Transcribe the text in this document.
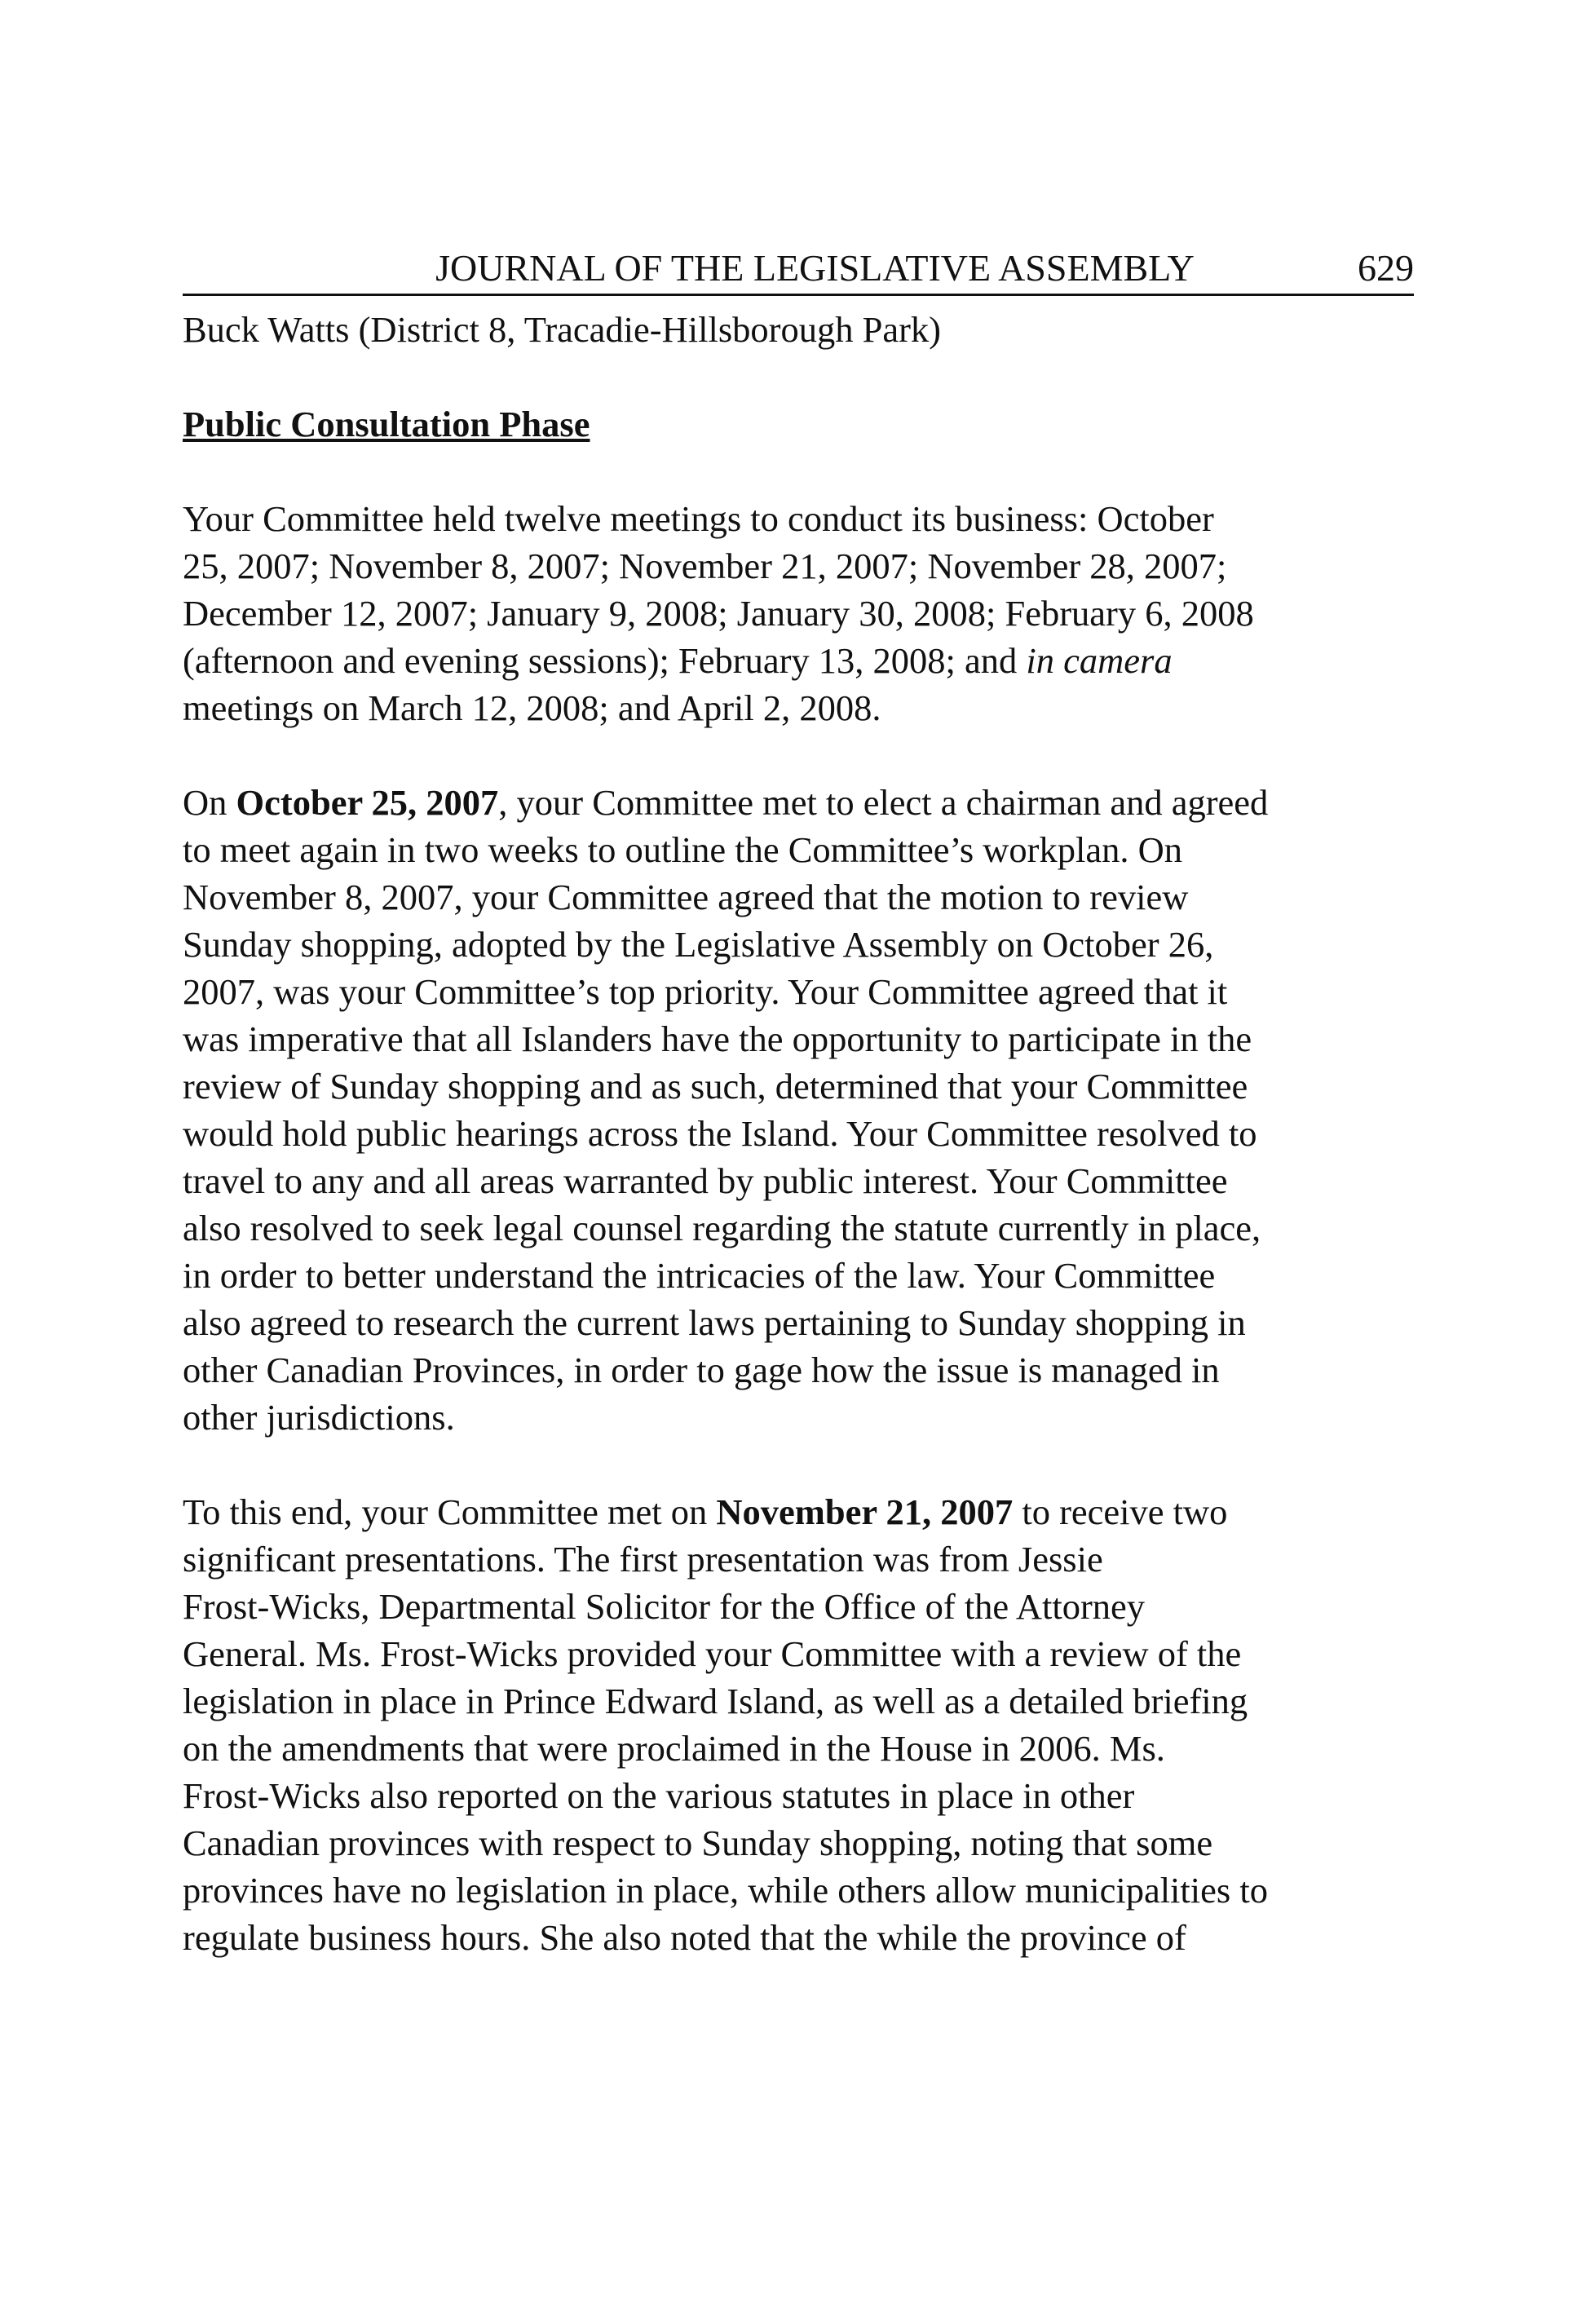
JOURNAL OF THE LEGISLATIVE ASSEMBLY	629

Buck Watts (District 8, Tracadie-Hillsborough Park)

Public Consultation Phase

Your Committee held twelve meetings to conduct its business: October
25, 2007; November 8, 2007; November 21, 2007; November 28, 2007;
December 12, 2007; January 9, 2008; January 30, 2008; February 6, 2008
(afternoon and evening sessions); February 13, 2008; and in camera
meetings on March 12, 2008; and April 2, 2008.

On October 25, 2007, your Committee met to elect a chairman and agreed
to meet again in two weeks to outline the Committee’s workplan. On
November 8, 2007, your Committee agreed that the motion to review
Sunday shopping, adopted by the Legislative Assembly on October 26,
2007, was your Committee’s top priority. Your Committee agreed that it
was imperative that all Islanders have the opportunity to participate in the
review of Sunday shopping and as such, determined that your Committee
would hold public hearings across the Island. Your Committee resolved to
travel to any and all areas warranted by public interest. Your Committee
also resolved to seek legal counsel regarding the statute currently in place,
in order to better understand the intricacies of the law. Your Committee
also agreed to research the current laws pertaining to Sunday shopping in
other Canadian Provinces, in order to gage how the issue is managed in
other jurisdictions.

To this end, your Committee met on November 21, 2007 to receive two
significant presentations. The first presentation was from Jessie
Frost-Wicks, Departmental Solicitor for the Office of the Attorney
General. Ms. Frost-Wicks provided your Committee with a review of the
legislation in place in Prince Edward Island, as well as a detailed briefing
on the amendments that were proclaimed in the House in 2006. Ms.
Frost-Wicks also reported on the various statutes in place in other
Canadian provinces with respect to Sunday shopping, noting that some
provinces have no legislation in place, while others allow municipalities to
regulate business hours. She also noted that the while the province of
